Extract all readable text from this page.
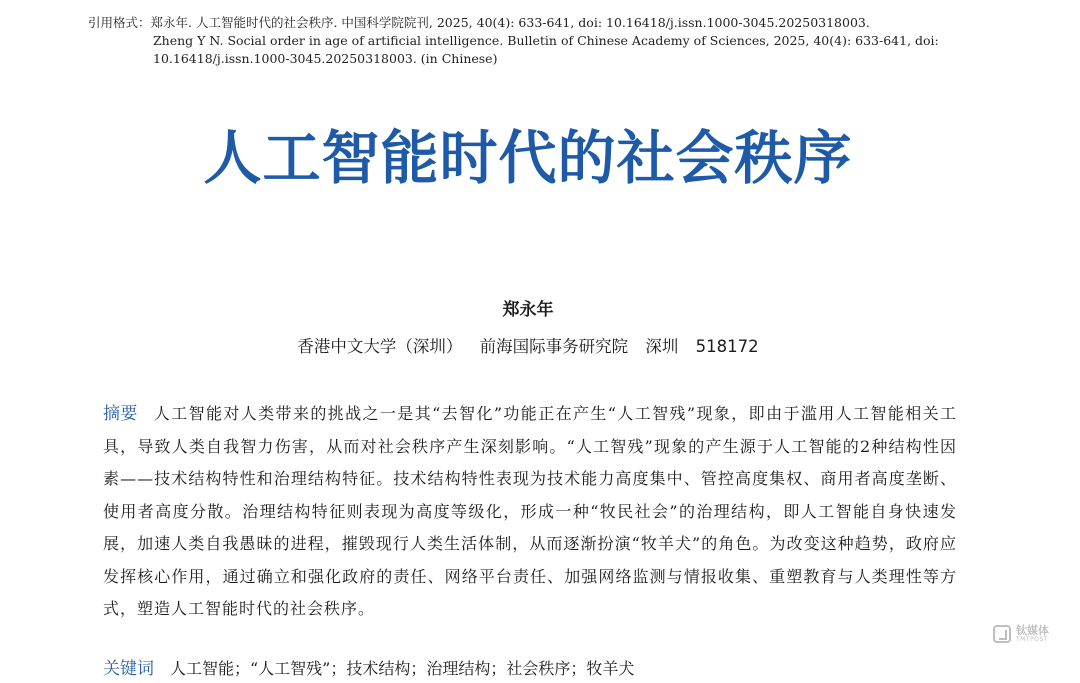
引用格式：郑永年. 人工智能时代的社会秩序. 中国科学院院刊, 2025, 40(4): 633-641, doi: 10.16418/j.issn.1000-3045.20250318003.
Zheng Y N. Social order in age of artificial intelligence. Bulletin of Chinese Academy of Sciences, 2025, 40(4): 633-641, doi: 10.16418/j.issn.1000-3045.20250318003. (in Chinese)
人工智能时代的社会秩序
郑永年
香港中文大学（深圳） 前海国际事务研究院 深圳 518172
摘要 人工智能对人类带来的挑战之一是其“去智化”功能正在产生“人工智残”现象，即由于滥用人工智能相关工具，导致人类自我智力伤害，从而对社会秩序产生深刻影响。“人工智残”现象的产生源于人工智能的2种结构性因素——技术结构特性和治理结构特征。技术结构特性表现为技术能力高度集中、管控高度集权、商用者高度垄断、使用者高度分散。治理结构特征则表现为高度等级化，形成一种“牧民社会”的治理结构，即人工智能自身快速发展，加速人类自我愚昧的进程，摧毁现行人类生活体制，从而逐渐扮演“牧羊犬”的角色。为改变这种趋势，政府应发挥核心作用，通过确立和强化政府的责任、网络平台责任、加强网络监测与情报收集、重塑教育与人类理性等方式，塑造人工智能时代的社会秩序。
关键词 人工智能；“人工智残”；技术结构；治理结构；社会秩序；牧羊犬
钛媒体
TMTPOST
